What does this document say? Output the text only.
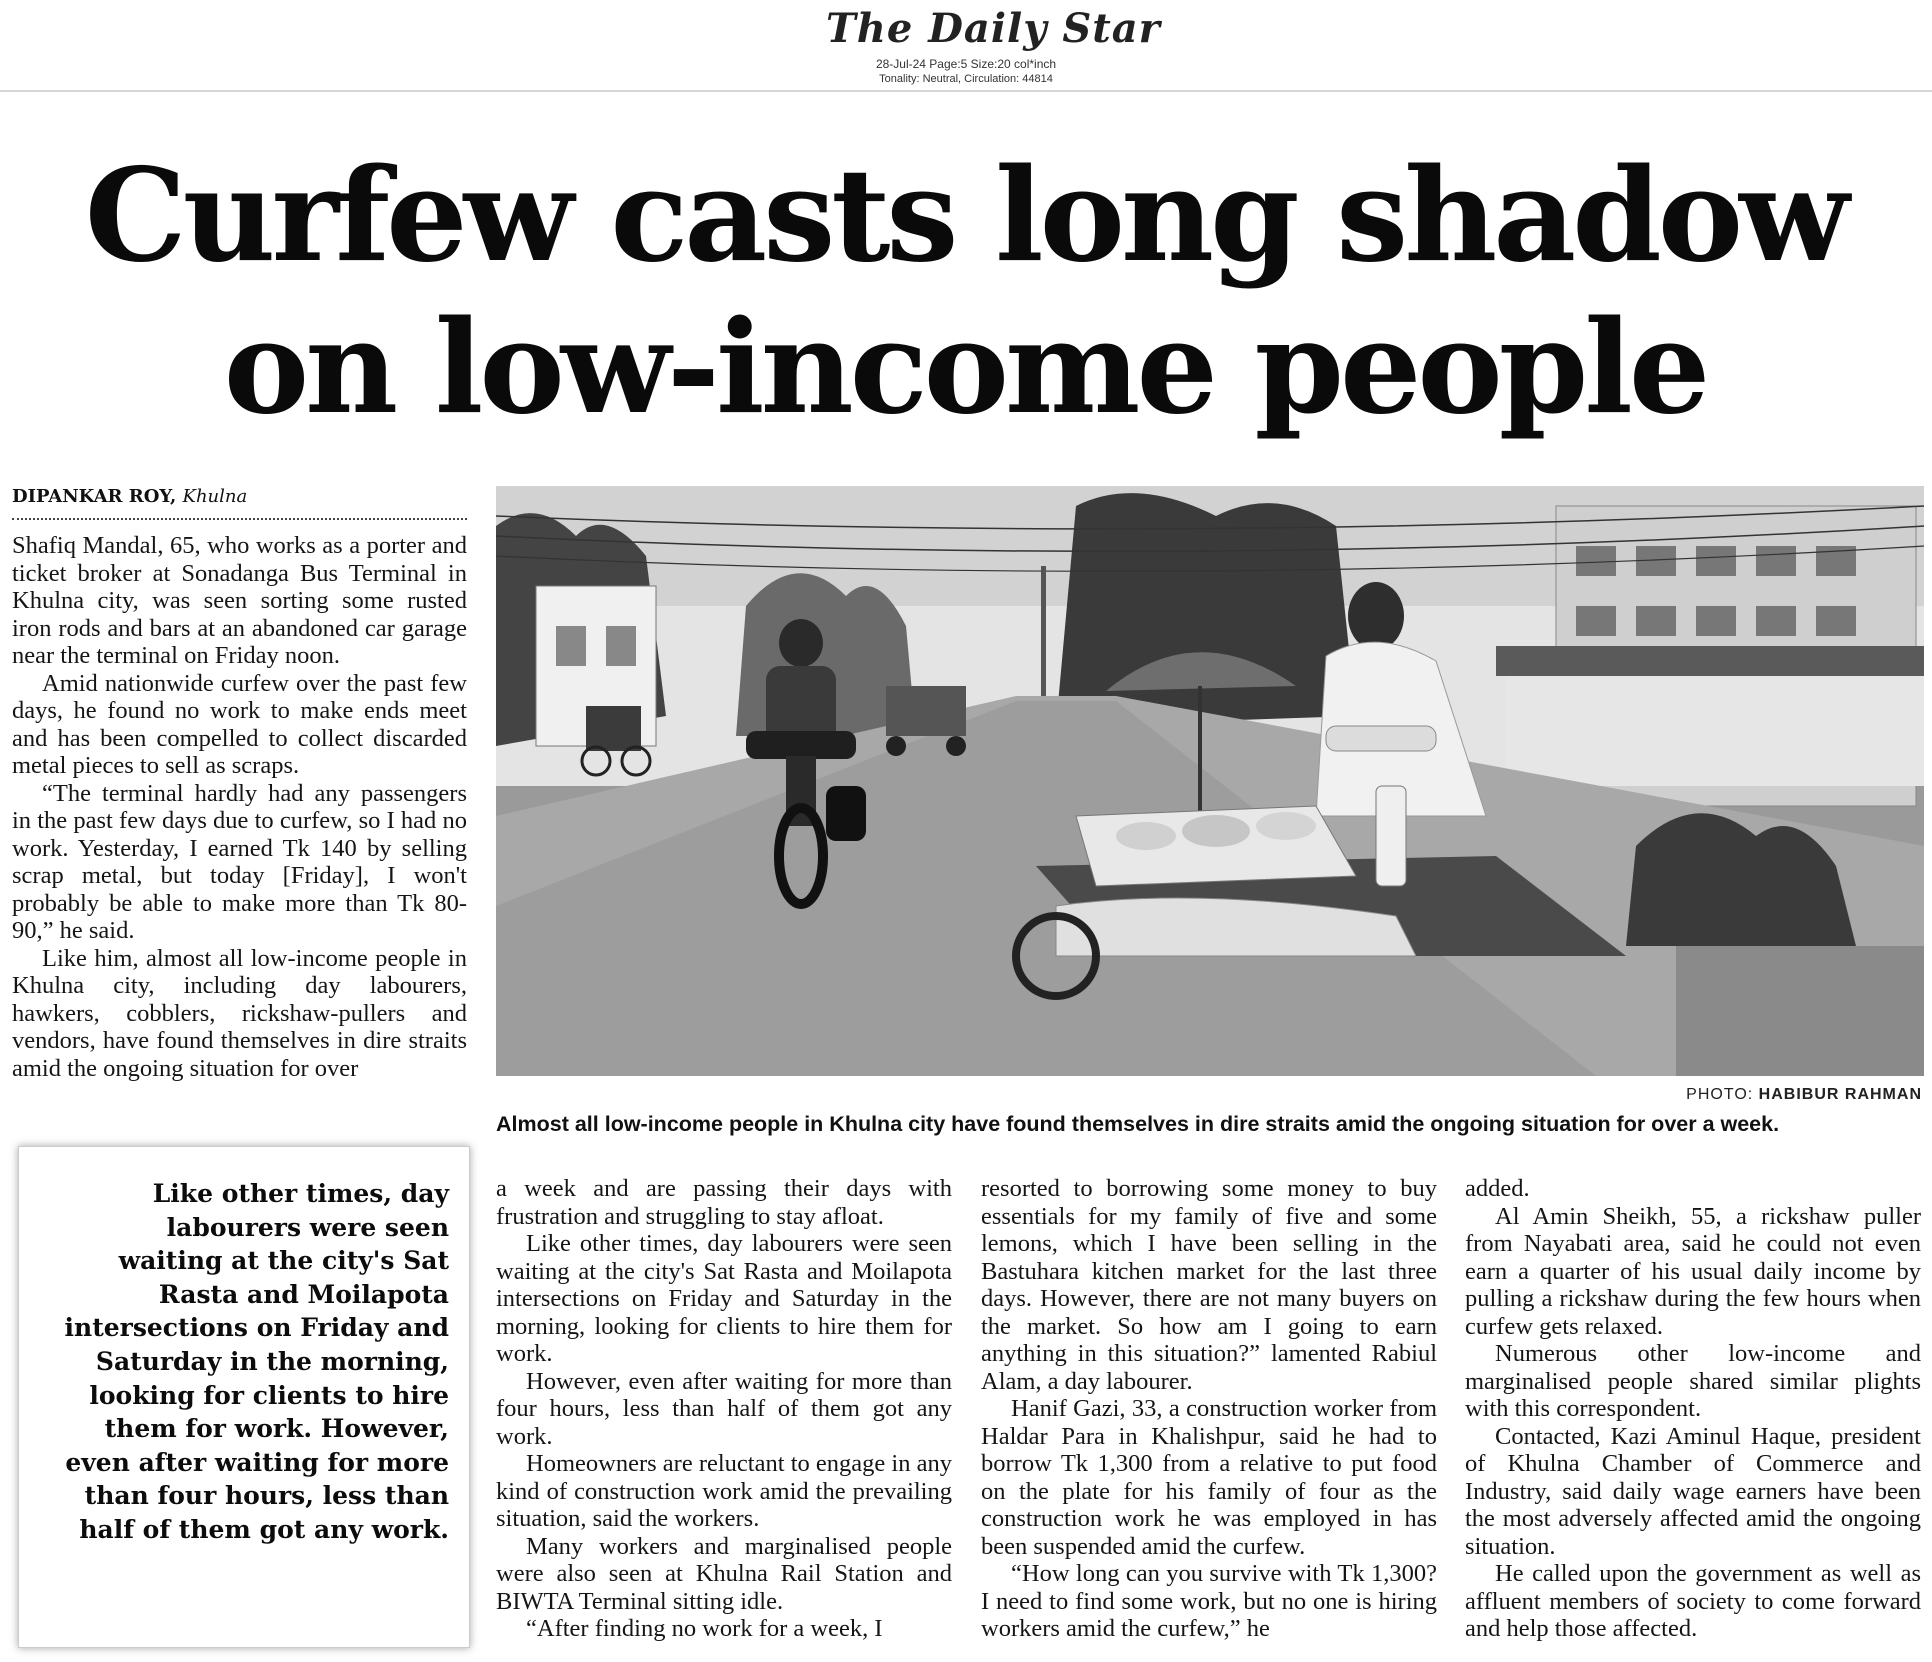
The Daily Star
28-Jul-24 Page:5 Size:20 col*inch
Tonality: Neutral, Circulation: 44814
Curfew casts long shadow
on low-income people
DIPANKAR ROY, Khulna

Shafiq Mandal, 65, who works as a porter and ticket broker at Sonadanga Bus Terminal in Khulna city, was seen sorting some rusted iron rods and bars at an abandoned car garage near the terminal on Friday noon.

Amid nationwide curfew over the past few days, he found no work to make ends meet and has been compelled to collect discarded metal pieces to sell as scraps.

“The terminal hardly had any passengers in the past few days due to curfew, so I had no work. Yesterday, I earned Tk 140 by selling scrap metal, but today [Friday], I won't probably be able to make more than Tk 80-90,” he said.

Like him, almost all low-income people in Khulna city, including day labourers, hawkers, cobblers, rickshaw-pullers and vendors, have found themselves in dire straits amid the ongoing situation for over

Like other times, day labourers were seen waiting at the city's Sat Rasta and Moilapota intersections on Friday and Saturday in the morning, looking for clients to hire them for work. However, even after waiting for more than four hours, less than half of them got any work.
PHOTO: HABIBUR RAHMAN
Almost all low-income people in Khulna city have found themselves in dire straits amid the ongoing situation for over a week.

a week and are passing their days with frustration and struggling to stay afloat.

Like other times, day labourers were seen waiting at the city's Sat Rasta and Moilapota intersections on Friday and Saturday in the morning, looking for clients to hire them for work.

However, even after waiting for more than four hours, less than half of them got any work.

Homeowners are reluctant to engage in any kind of construction work amid the prevailing situation, said the workers.

Many workers and marginalised people were also seen at Khulna Rail Station and BIWTA Terminal sitting idle.

“After finding no work for a week, I

resorted to borrowing some money to buy essentials for my family of five and some lemons, which I have been selling in the Bastuhara kitchen market for the last three days. However, there are not many buyers on the market. So how am I going to earn anything in this situation?” lamented Rabiul Alam, a day labourer.

Hanif Gazi, 33, a construction worker from Haldar Para in Khalishpur, said he had to borrow Tk 1,300 from a relative to put food on the plate for his family of four as the construction work he was employed in has been suspended amid the curfew.

“How long can you survive with Tk 1,300? I need to find some work, but no one is hiring workers amid the curfew,” he

added.

Al Amin Sheikh, 55, a rickshaw puller from Nayabati area, said he could not even earn a quarter of his usual daily income by pulling a rickshaw during the few hours when curfew gets relaxed.

Numerous other low-income and marginalised people shared similar plights with this correspondent.

Contacted, Kazi Aminul Haque, president of Khulna Chamber of Commerce and Industry, said daily wage earners have been the most adversely affected amid the ongoing situation.

He called upon the government as well as affluent members of society to come forward and help those affected.
